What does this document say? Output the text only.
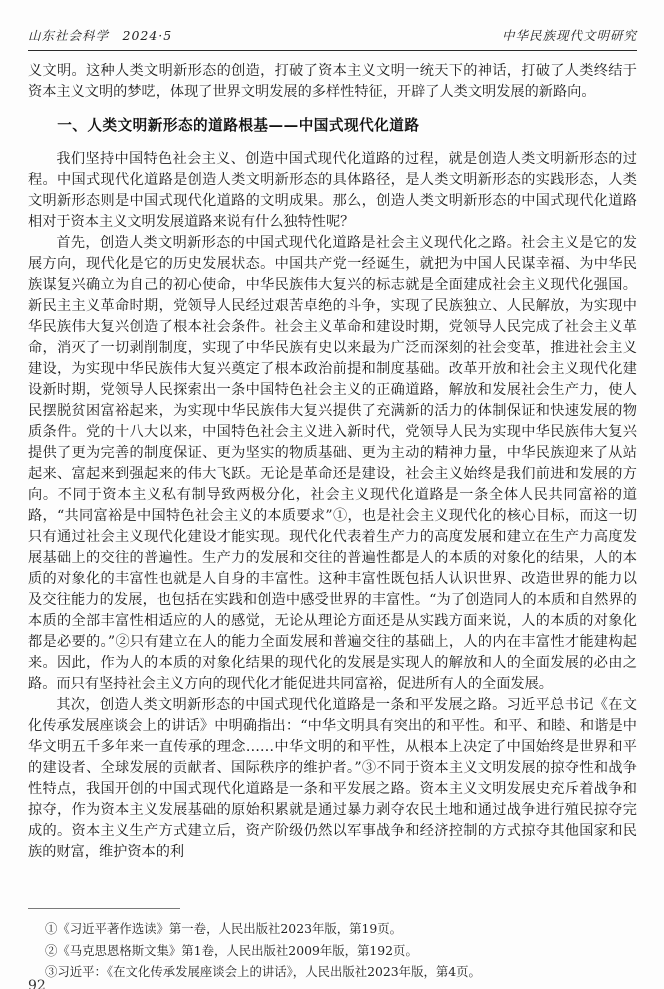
山东社会科学　2024·5	中华民族现代文明研究

义文明。这种人类文明新形态的创造，打破了资本主义文明一统天下的神话，打破了人类终结于资本主义文明的梦呓，体现了世界文明发展的多样性特征，开辟了人类文明发展的新路向。

一、人类文明新形态的道路根基——中国式现代化道路

我们坚持中国特色社会主义、创造中国式现代化道路的过程，就是创造人类文明新形态的过程。中国式现代化道路是创造人类文明新形态的具体路径，是人类文明新形态的实践形态，人类文明新形态则是中国式现代化道路的文明成果。那么，创造人类文明新形态的中国式现代化道路相对于资本主义文明发展道路来说有什么独特性呢？

首先，创造人类文明新形态的中国式现代化道路是社会主义现代化之路。社会主义是它的发展方向，现代化是它的历史发展状态。中国共产党一经诞生，就把为中国人民谋幸福、为中华民族谋复兴确立为自己的初心使命，中华民族伟大复兴的标志就是全面建成社会主义现代化强国。新民主主义革命时期，党领导人民经过艰苦卓绝的斗争，实现了民族独立、人民解放，为实现中华民族伟大复兴创造了根本社会条件。社会主义革命和建设时期，党领导人民完成了社会主义革命，消灭了一切剥削制度，实现了中华民族有史以来最为广泛而深刻的社会变革，推进社会主义建设，为实现中华民族伟大复兴奠定了根本政治前提和制度基础。改革开放和社会主义现代化建设新时期，党领导人民探索出一条中国特色社会主义的正确道路，解放和发展社会生产力，使人民摆脱贫困富裕起来，为实现中华民族伟大复兴提供了充满新的活力的体制保证和快速发展的物质条件。党的十八大以来，中国特色社会主义进入新时代，党领导人民为实现中华民族伟大复兴提供了更为完善的制度保证、更为坚实的物质基础、更为主动的精神力量，中华民族迎来了从站起来、富起来到强起来的伟大飞跃。无论是革命还是建设，社会主义始终是我们前进和发展的方向。不同于资本主义私有制导致两极分化，社会主义现代化道路是一条全体人民共同富裕的道路，“共同富裕是中国特色社会主义的本质要求”①，也是社会主义现代化的核心目标，而这一切只有通过社会主义现代化建设才能实现。现代化代表着生产力的高度发展和建立在生产力高度发展基础上的交往的普遍性。生产力的发展和交往的普遍性都是人的本质的对象化的结果，人的本质的对象化的丰富性也就是人自身的丰富性。这种丰富性既包括人认识世界、改造世界的能力以及交往能力的发展，也包括在实践和创造中感受世界的丰富性。“为了创造同人的本质和自然界的本质的全部丰富性相适应的人的感觉，无论从理论方面还是从实践方面来说，人的本质的对象化都是必要的。”②只有建立在人的能力全面发展和普遍交往的基础上，人的内在丰富性才能建构起来。因此，作为人的本质的对象化结果的现代化的发展是实现人的解放和人的全面发展的必由之路。而只有坚持社会主义方向的现代化才能促进共同富裕，促进所有人的全面发展。

其次，创造人类文明新形态的中国式现代化道路是一条和平发展之路。习近平总书记《在文化传承发展座谈会上的讲话》中明确指出：“中华文明具有突出的和平性。和平、和睦、和谐是中华文明五千多年来一直传承的理念……中华文明的和平性，从根本上决定了中国始终是世界和平的建设者、全球发展的贡献者、国际秩序的维护者。”③不同于资本主义文明发展的掠夺性和战争性特点，我国开创的中国式现代化道路是一条和平发展之路。资本主义文明发展史充斥着战争和掠夺，作为资本主义发展基础的原始积累就是通过暴力剥夺农民土地和通过战争进行殖民掠夺完成的。资本主义生产方式建立后，资产阶级仍然以军事战争和经济控制的方式掠夺其他国家和民族的财富，维护资本的利

①《习近平著作选读》第一卷，人民出版社2023年版，第19页。

②《马克思恩格斯文集》第1卷，人民出版社2009年版，第192页。

③习近平：《在文化传承发展座谈会上的讲话》，人民出版社2023年版，第4页。

92
